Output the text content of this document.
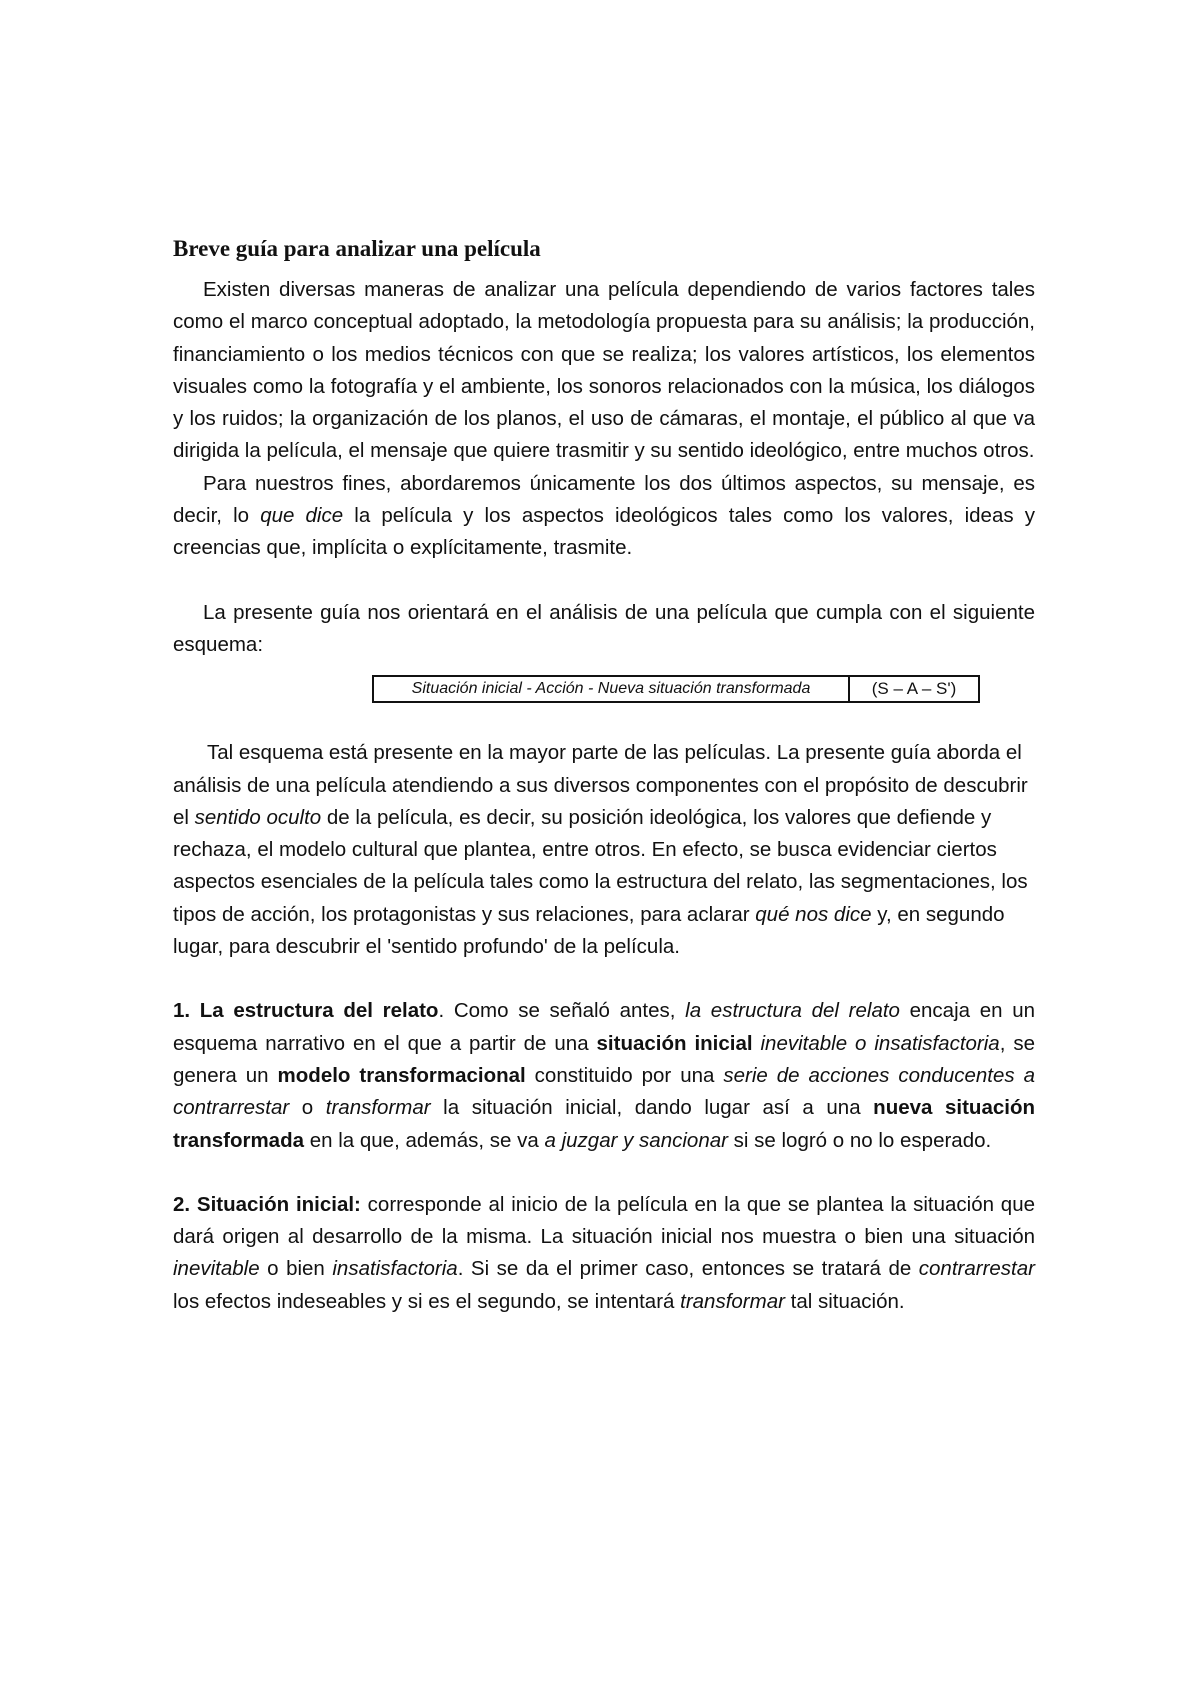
Breve guía para analizar una película

Existen diversas maneras de analizar una película dependiendo de varios factores tales como el marco conceptual adoptado, la metodología propuesta para su análisis; la producción, financiamiento o los medios técnicos con que se realiza; los valores artísticos, los elementos visuales como la fotografía y el ambiente, los sonoros relacionados con la música, los diálogos y los ruidos; la organización de los planos, el uso de cámaras, el montaje, el público al que va dirigida la película, el mensaje que quiere trasmitir y su sentido ideológico, entre muchos otros.

Para nuestros fines, abordaremos únicamente los dos últimos aspectos, su mensaje, es decir, lo que dice la película y los aspectos ideológicos tales como los valores, ideas y creencias que, implícita o explícitamente, trasmite.

La presente guía nos orientará en el análisis de una película que cumpla con el siguiente esquema:

Situación inicial - Acción - Nueva situación transformada	(S – A – S')

Tal esquema está presente en la mayor parte de las películas. La presente guía aborda el análisis de una película atendiendo a sus diversos componentes con el propósito de descubrir el sentido oculto de la película, es decir, su posición ideológica, los valores que defiende y rechaza, el modelo cultural que plantea, entre otros. En efecto, se busca evidenciar ciertos aspectos esenciales de la película tales como la estructura del relato, las segmentaciones, los tipos de acción, los protagonistas y sus relaciones, para aclarar qué nos dice y, en segundo lugar, para descubrir el 'sentido profundo' de la película.

1. La estructura del relato. Como se señaló antes, la estructura del relato encaja en un esquema narrativo en el que a partir de una situación inicial inevitable o insatisfactoria, se genera un modelo transformacional constituido por una serie de acciones conducentes a contrarrestar o transformar la situación inicial, dando lugar así a una nueva situación transformada en la que, además, se va a juzgar y sancionar si se logró o no lo esperado.

2. Situación inicial: corresponde al inicio de la película en la que se plantea la situación que dará origen al desarrollo de la misma. La situación inicial nos muestra o bien una situación inevitable o bien insatisfactoria. Si se da el primer caso, entonces se tratará de contrarrestar los efectos indeseables y si es el segundo, se intentará transformar tal situación.
